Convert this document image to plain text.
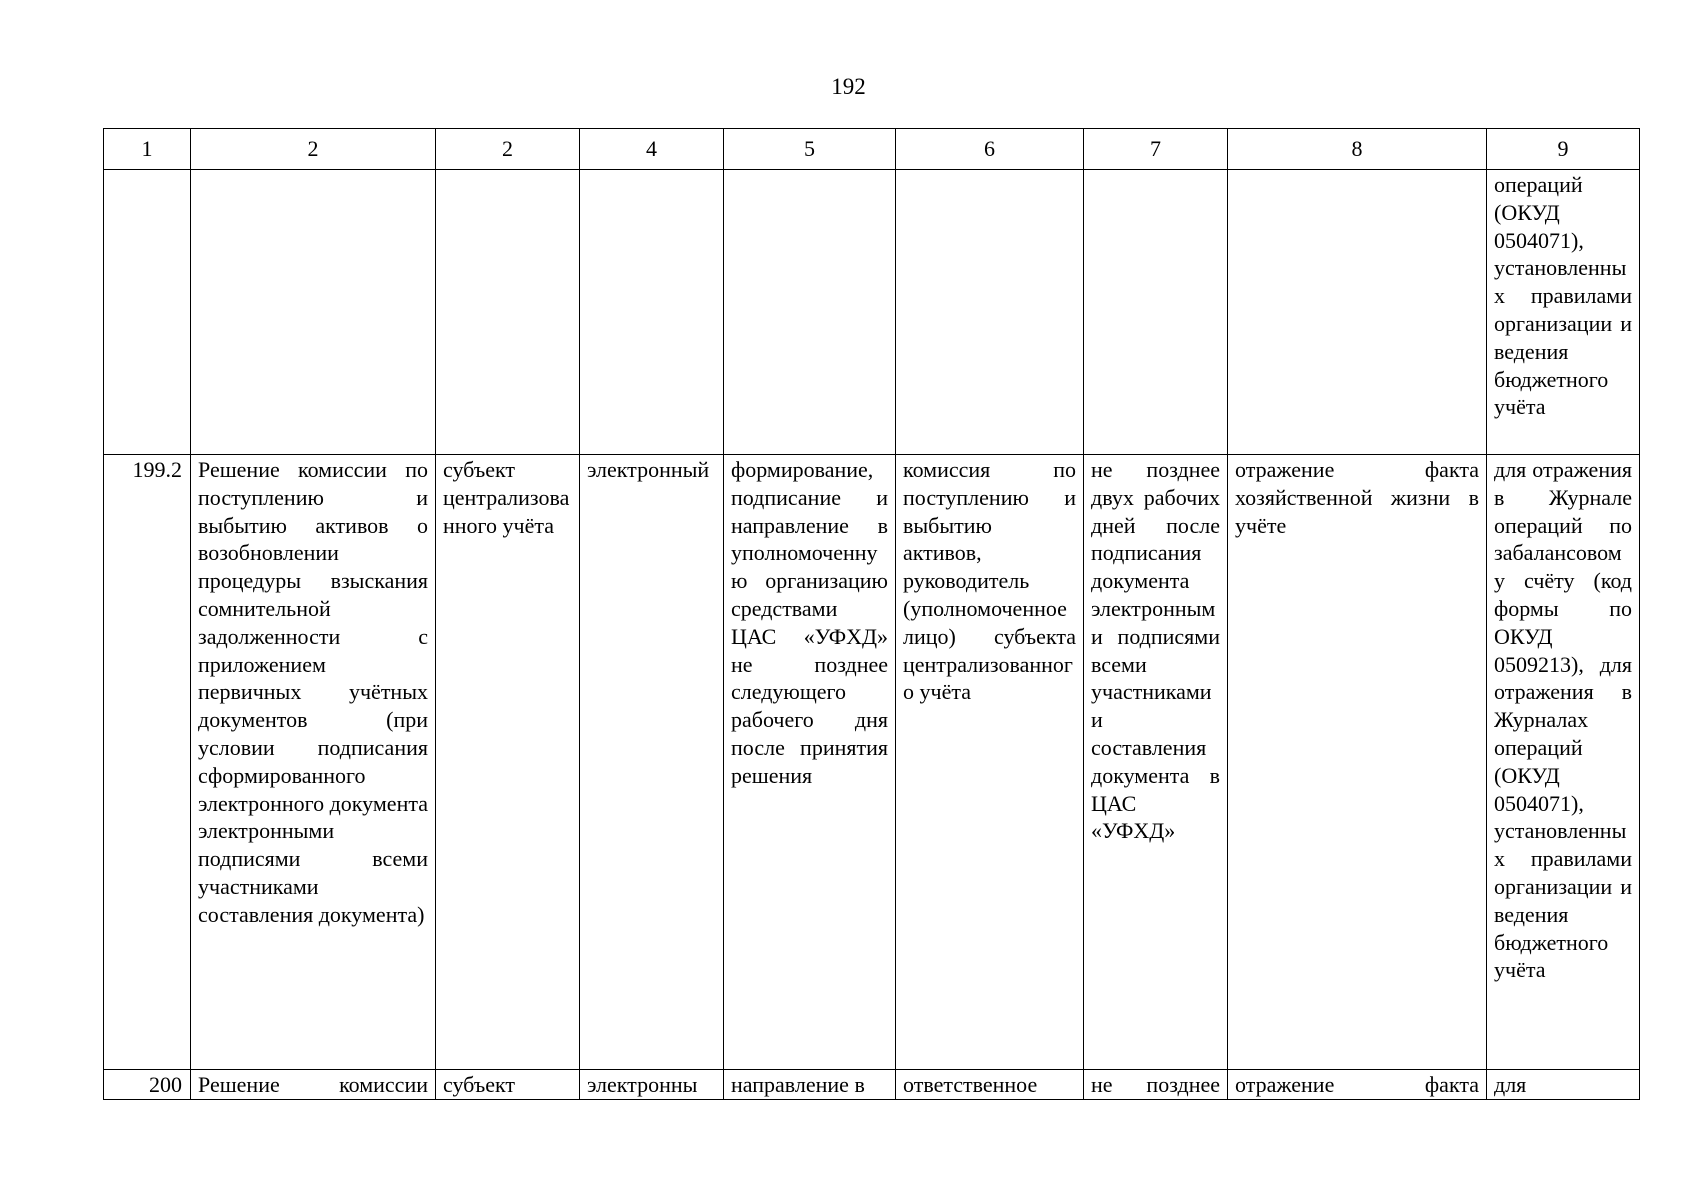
192
1	2	2	4	5	6	7	8	9
								операций (ОКУД 0504071), установленных правилами организации и ведения бюджетного учёта
199.2	Решение комиссии по поступлению и выбытию активов о возобновлении процедуры взыскания сомнительной задолженности с приложением первичных учётных документов (при условии подписания сформированного электронного документа электронными подписями всеми участниками составления документа)	субъект централизованного учёта	электронный	формирование, подписание и направление в уполномоченную организацию средствами ЦАС «УФХД» не позднее следующего рабочего дня после принятия решения	комиссия по поступлению и выбытию активов, руководитель (уполномоченное лицо) субъекта централизованного учёта	не позднее двух рабочих дней после подписания документа электронными подписями всеми участниками и составления документа в ЦАС «УФХД»	отражение факта хозяйственной жизни в учёте	для отражения в Журнале операций по забалансовому счёту (код формы по ОКУД 0509213), для отражения в Журналах операций (ОКУД 0504071), установленных правилами организации и ведения бюджетного учёта
200	Решение комиссии	субъект	электронны	направление в	ответственное	не позднее	отражение факта	для
